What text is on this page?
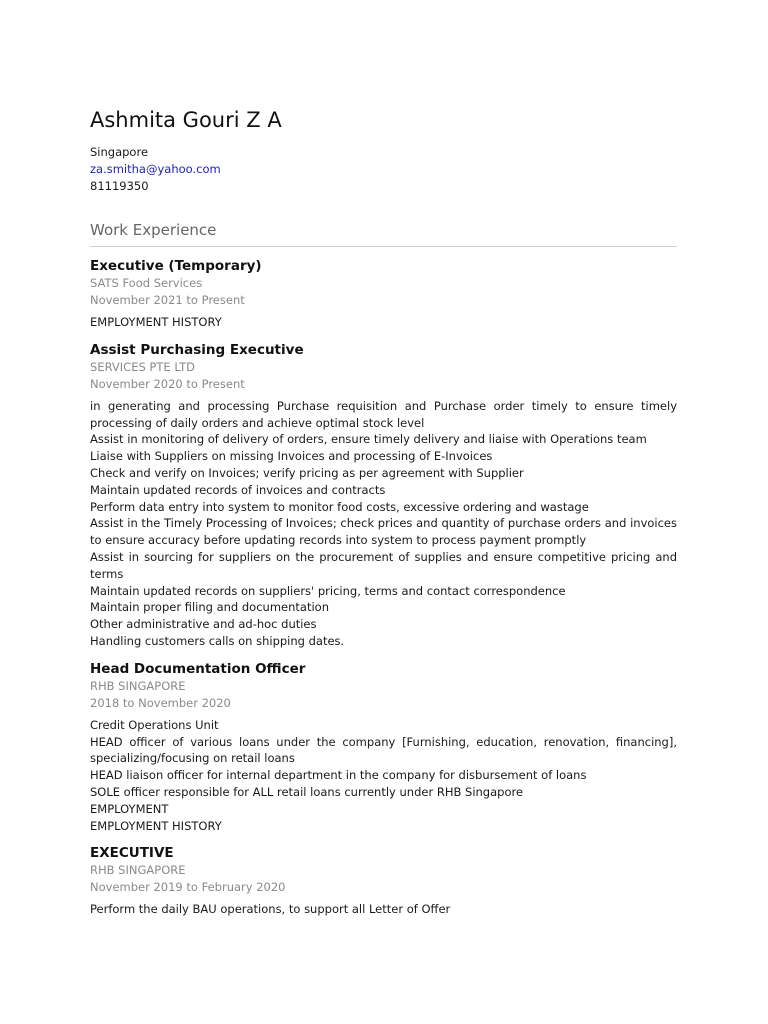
Ashmita Gouri Z A
Singapore
za.smitha@yahoo.com
81119350
Work Experience
Executive (Temporary)
SATS Food Services
November 2021 to Present
EMPLOYMENT HISTORY
Assist Purchasing Executive
SERVICES PTE LTD
November 2020 to Present
in generating and processing Purchase requisition and Purchase order timely to ensure timely processing of daily orders and achieve optimal stock level
Assist in monitoring of delivery of orders, ensure timely delivery and liaise with Operations team
Liaise with Suppliers on missing Invoices and processing of E-Invoices
Check and verify on Invoices; verify pricing as per agreement with Supplier
Maintain updated records of invoices and contracts
Perform data entry into system to monitor food costs, excessive ordering and wastage
Assist in the Timely Processing of Invoices; check prices and quantity of purchase orders and invoices to ensure accuracy before updating records into system to process payment promptly
Assist in sourcing for suppliers on the procurement of supplies and ensure competitive pricing and terms
Maintain updated records on suppliers' pricing, terms and contact correspondence
Maintain proper filing and documentation
Other administrative and ad-hoc duties
Handling customers calls on shipping dates.
Head Documentation Officer
RHB SINGAPORE
2018 to November 2020
Credit Operations Unit
HEAD officer of various loans under the company [Furnishing, education, renovation, financing], specializing/focusing on retail loans
HEAD liaison officer for internal department in the company for disbursement of loans
SOLE officer responsible for ALL retail loans currently under RHB Singapore
EMPLOYMENT
EMPLOYMENT HISTORY
EXECUTIVE
RHB SINGAPORE
November 2019 to February 2020
Perform the daily BAU operations, to support all Letter of Offer
